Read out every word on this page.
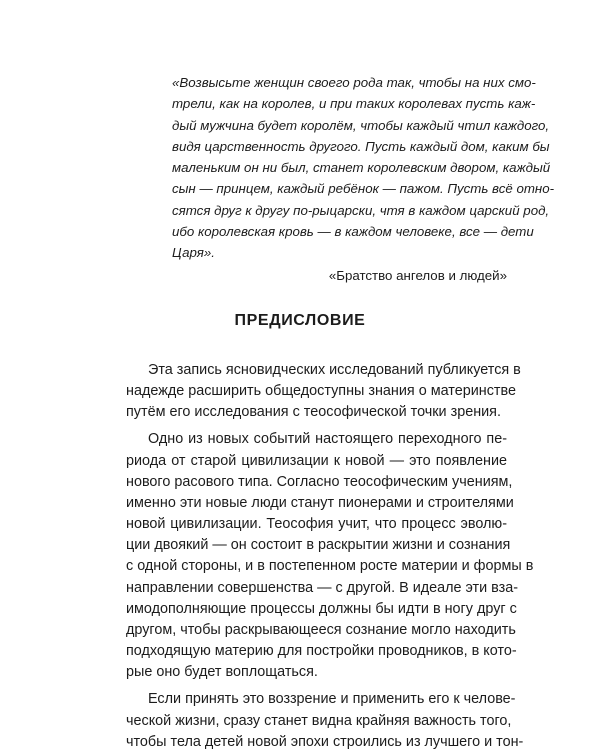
«Возвысьте женщин своего рода так, чтобы на них смо-
трели, как на королев, и при таких королевах пусть каж-
дый мужчина будет королём, чтобы каждый чтил каждого,
видя царственность другого. Пусть каждый дом, каким бы
маленьким он ни был, станет королевским двором, каждый
сын — принцем, каждый ребёнок — пажом. Пусть всё отно-
сятся друг к другу по-рыцарски, чтя в каждом царский род,
ибо королевская кровь — в каждом человеке, все — дети
Царя».
«Братство ангелов и людей»
ПРЕДИСЛОВИЕ
Эта запись ясновидческих исследований публикуется в
надежде расширить общедоступны знания о материнстве
путём его исследования с теософической точки зрения.
Одно из новых событий настоящего переходного пе-
риода от старой цивилизации к новой — это появление
нового расового типа. Согласно теософическим учениям,
именно эти новые люди станут пионерами и строителями
новой цивилизации. Теософия учит, что процесс эволю-
ции двоякий — он состоит в раскрытии жизни и сознания
с одной стороны, и в постепенном росте материи и формы в
направлении совершенства — с другой. В идеале эти вза-
имодополняющие процессы должны бы идти в ногу друг с
другом, чтобы раскрывающееся сознание могло находить
подходящую материю для постройки проводников, в кото-
рые оно будет воплощаться.
Если принять это воззрение и применить его к челове-
ческой жизни, сразу станет видна крайняя важность того,
чтобы тела детей новой эпохи строились из лучшего и тон-
